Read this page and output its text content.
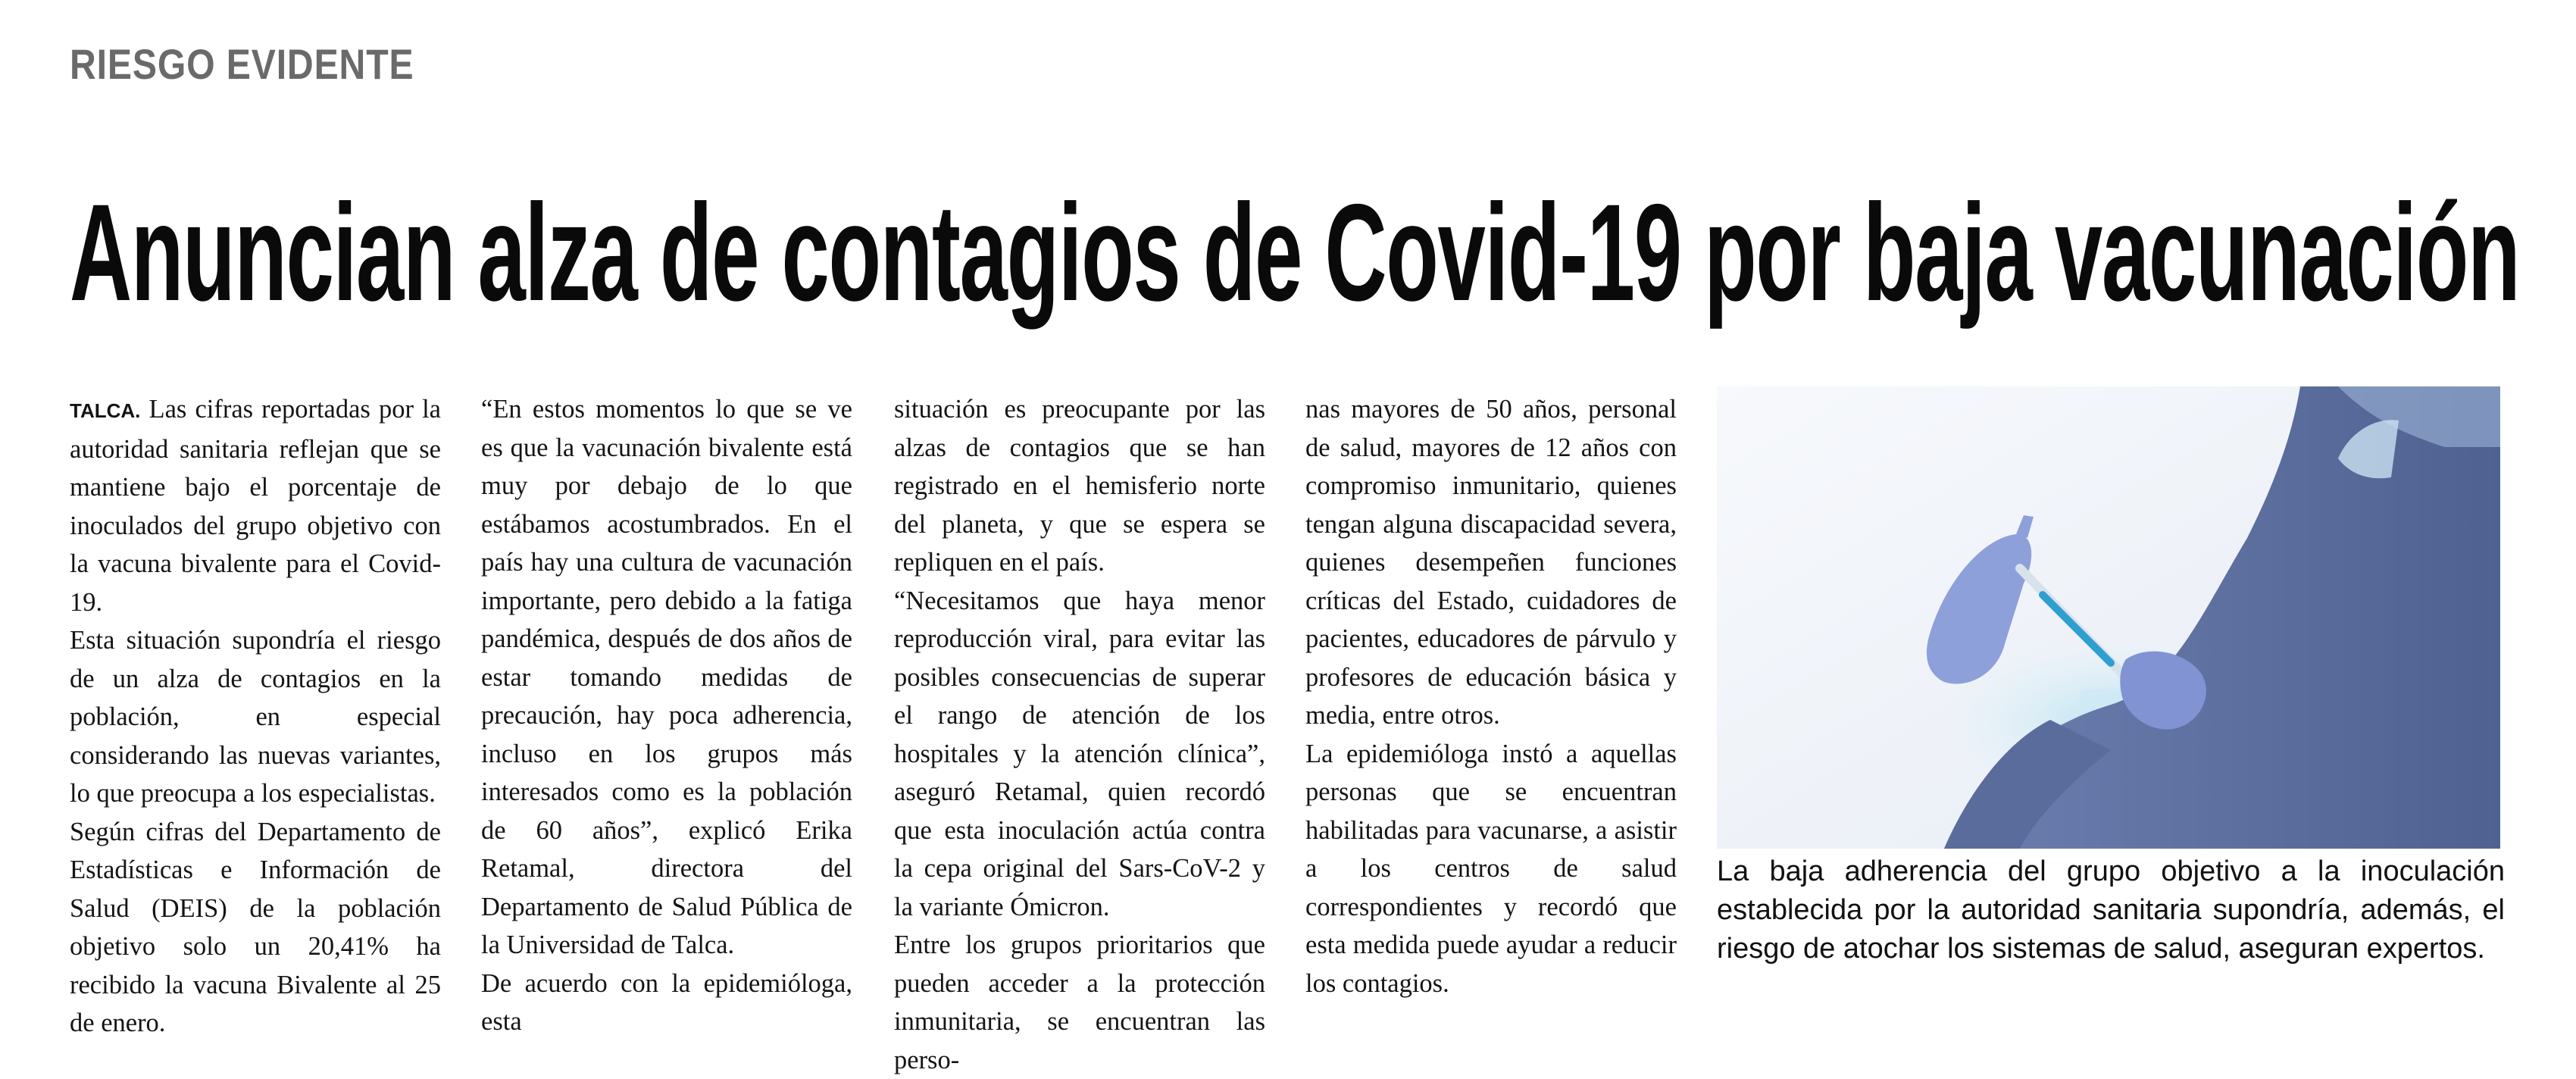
RIESGO EVIDENTE
Anuncian alza de contagios de Covid-19 por baja vacunación

TALCA. Las cifras reportadas por la autoridad sanitaria reflejan que se mantiene bajo el porcentaje de inoculados del grupo objetivo con la vacuna bivalente para el Covid-19.

Esta situación supondría el riesgo de un alza de contagios en la población, en especial considerando las nuevas variantes, lo que preocupa a los especialistas.

Según cifras del Departamento de Estadísticas e Información de Salud (DEIS) de la población objetivo solo un 20,41% ha recibido la vacuna Bivalente al 25 de enero.

“En estos momentos lo que se ve es que la vacunación bivalente está muy por debajo de lo que estábamos acostumbrados. En el país hay una cultura de vacunación importante, pero debido a la fatiga pandémica, después de dos años de estar tomando medidas de precaución, hay poca adherencia, incluso en los grupos más interesados como es la población de 60 años”, explicó Erika Retamal, directora del Departamento de Salud Pública de la Universidad de Talca.

De acuerdo con la epidemióloga, esta

situación es preocupante por las alzas de contagios que se han registrado en el hemisferio norte del planeta, y que se espera se repliquen en el país.

“Necesitamos que haya menor reproducción viral, para evitar las posibles consecuencias de superar el rango de atención de los hospitales y la atención clínica”, aseguró Retamal, quien recordó que esta inoculación actúa contra la cepa original del Sars-CoV-2 y la variante Ómicron.

Entre los grupos prioritarios que pueden acceder a la protección inmunitaria, se encuentran las perso-

nas mayores de 50 años, personal de salud, mayores de 12 años con compromiso inmunitario, quienes tengan alguna discapacidad severa, quienes desempeñen funciones críticas del Estado, cuidadores de pacientes, educadores de párvulo y profesores de educación básica y media, entre otros.

La epidemióloga instó a aquellas personas que se encuentran habilitadas para vacunarse, a asistir a los centros de salud correspondientes y recordó que esta medida puede ayudar a reducir los contagios.

La baja adherencia del grupo objetivo a la inoculación establecida por la autoridad sanitaria supondría, además, el riesgo de atochar los sistemas de salud, aseguran expertos.
